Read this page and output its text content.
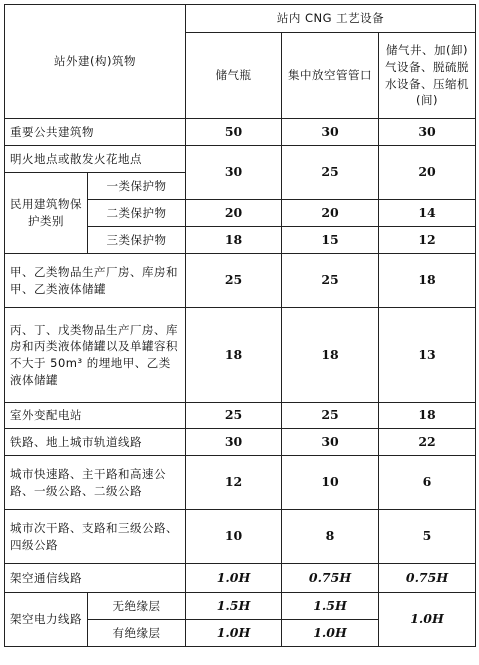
站外建(构)筑物		站内 CNG 工艺设备		
		储气瓶	集中放空管管口	储气井、加(卸)气设备、脱硫脱水设备、压缩机(间)
重要公共建筑物		50	30	30
明火地点或散发火花地点		30	25	20
民用建筑物保护类别	一类保护物			
	二类保护物	20	20	14
	三类保护物	18	15	12
甲、乙类物品生产厂房、库房和甲、乙类液体储罐		25	25	18
丙、丁、戊类物品生产厂房、库房和丙类液体储罐以及单罐容积不大于 50m³ 的埋地甲、乙类液体储罐		18	18	13
室外变配电站		25	25	18
铁路、地上城市轨道线路		30	30	22
城市快速路、主干路和高速公路、一级公路、二级公路		12	10	6
城市次干路、支路和三级公路、四级公路		10	8	5
架空通信线路		1.0H	0.75H	0.75H
架空电力线路	无绝缘层	1.5H	1.5H	1.0H
	有绝缘层	1.0H	1.0H	
